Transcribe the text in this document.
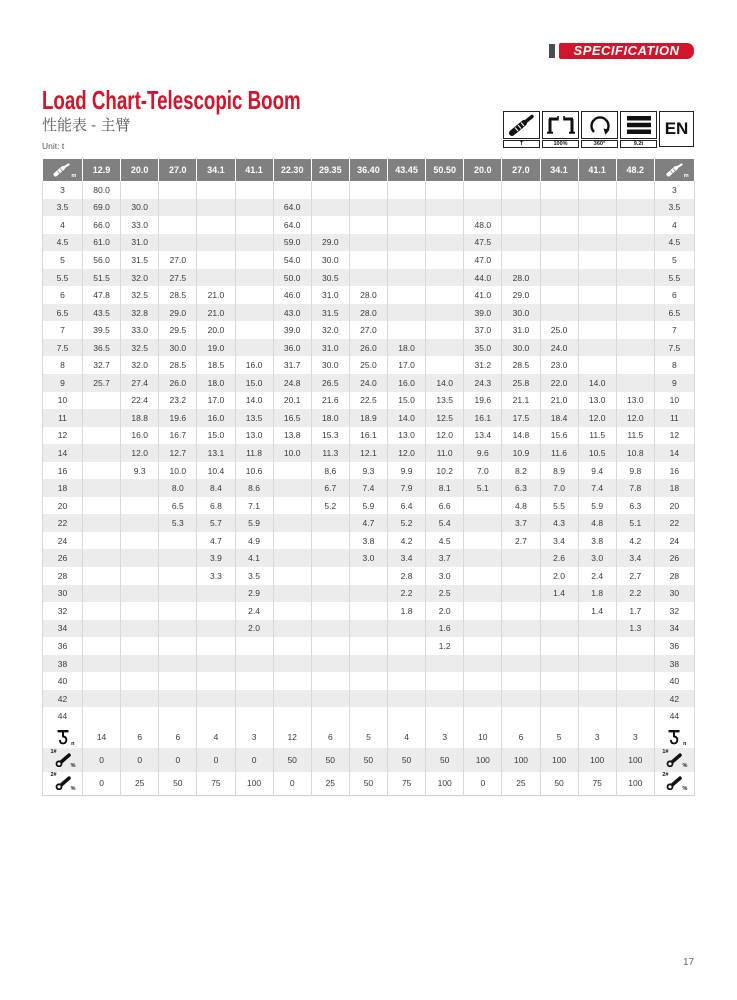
SPECIFICATION
Load Chart-Telescopic Boom
性能表 - 主臂
Unit: t	T	100%	360°	9.2t
EN
m	12.9	20.0	27.0	34.1	41.1	22.30	29.35	36.40	43.45	50.50	20.0	27.0	34.1	41.1	48.2	m

3	80.0															3
3.5	69.0	30.0				64.0										3.5
4	66.0	33.0				64.0					48.0					4
4.5	61.0	31.0				59.0	29.0				47.5					4.5
5	56.0	31.5	27.0			54.0	30.0				47.0					5
5.5	51.5	32.0	27.5			50.0	30.5				44.0	28.0				5.5
6	47.8	32.5	28.5	21.0		46.0	31.0	28.0			41.0	29.0				6
6.5	43.5	32.8	29.0	21.0		43.0	31.5	28.0			39.0	30.0				6.5
7	39.5	33.0	29.5	20.0		39.0	32.0	27.0			37.0	31.0	25.0			7
7.5	36.5	32.5	30.0	19.0		36.0	31.0	26.0	18.0		35.0	30.0	24.0			7.5
8	32.7	32.0	28.5	18.5	16.0	31.7	30.0	25.0	17.0		31.2	28.5	23.0			8
9	25.7	27.4	26.0	18.0	15.0	24.8	26.5	24.0	16.0	14.0	24.3	25.8	22.0	14.0		9
10		22.4	23.2	17.0	14.0	20.1	21.6	22.5	15.0	13.5	19.6	21.1	21.0	13.0	13.0	10
11		18.8	19.6	16.0	13.5	16.5	18.0	18.9	14.0	12.5	16.1	17.5	18.4	12.0	12.0	11
12		16.0	16.7	15.0	13.0	13.8	15.3	16.1	13.0	12.0	13.4	14.8	15.6	11.5	11.5	12
14		12.0	12.7	13.1	11.8	10.0	11.3	12.1	12.0	11.0	9.6	10.9	11.6	10.5	10.8	14
16		9.3	10.0	10.4	10.6		8.6	9.3	9.9	10.2	7.0	8.2	8.9	9.4	9.8	16
18			8.0	8.4	8.6		6.7	7.4	7.9	8.1	5.1	6.3	7.0	7.4	7.8	18
20			6.5	6.8	7.1		5.2	5.9	6.4	6.6		4.8	5.5	5.9	6.3	20
22			5.3	5.7	5.9			4.7	5.2	5.4		3.7	4.3	4.8	5.1	22
24				4.7	4.9			3.8	4.2	4.5		2.7	3.4	3.8	4.2	24
26				3.9	4.1			3.0	3.4	3.7			2.6	3.0	3.4	26
28				3.3	3.5				2.8	3.0			2.0	2.4	2.7	28
30					2.9				2.2	2.5			1.4	1.8	2.2	30
32					2.4				1.8	2.0				1.4	1.7	32
34					2.0					1.6					1.3	34
36										1.2						36
38																38
40																40
42																42
44																44

n	14	6	6	4	3	12	6	5	4	3	10	6	5	3	3	n

1#
%	0	0	0	0	0	50	50	50	50	50	100	100	100	100	100	1#
%

2#
%	0	25	50	75	100	0	25	50	75	100	0	25	50	75	100	2#
%
17
